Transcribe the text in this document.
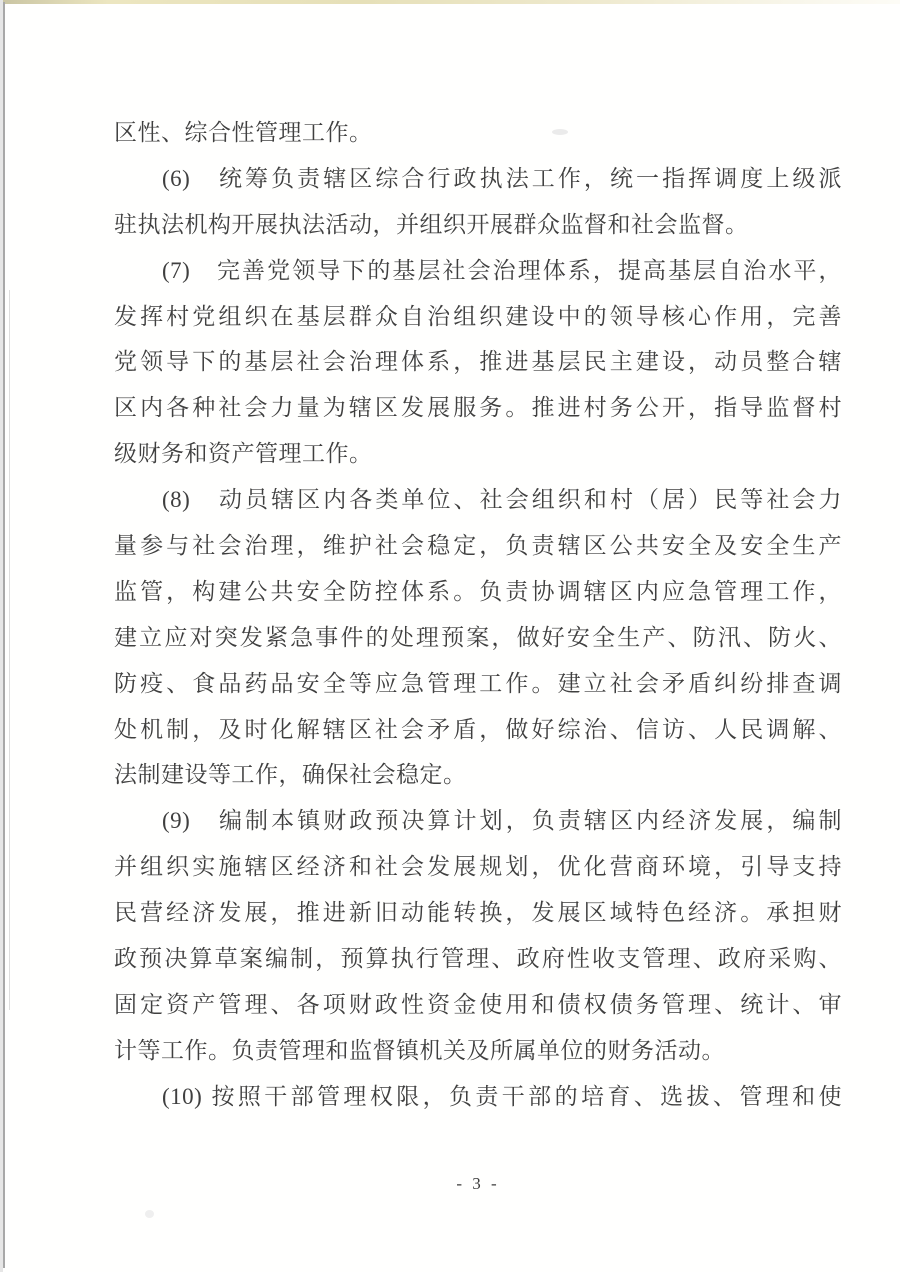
区性、综合性管理工作。

(6)　统筹负责辖区综合行政执法工作，统一指挥调度上级派

驻执法机构开展执法活动，并组织开展群众监督和社会监督。

(7)　完善党领导下的基层社会治理体系，提高基层自治水平，

发挥村党组织在基层群众自治组织建设中的领导核心作用，完善

党领导下的基层社会治理体系，推进基层民主建设，动员整合辖

区内各种社会力量为辖区发展服务。推进村务公开，指导监督村

级财务和资产管理工作。

(8)　动员辖区内各类单位、社会组织和村（居）民等社会力

量参与社会治理，维护社会稳定，负责辖区公共安全及安全生产

监管，构建公共安全防控体系。负责协调辖区内应急管理工作，

建立应对突发紧急事件的处理预案，做好安全生产、防汛、防火、

防疫、食品药品安全等应急管理工作。建立社会矛盾纠纷排查调

处机制，及时化解辖区社会矛盾，做好综治、信访、人民调解、

法制建设等工作，确保社会稳定。

(9)　编制本镇财政预决算计划，负责辖区内经济发展，编制

并组织实施辖区经济和社会发展规划，优化营商环境，引导支持

民营经济发展，推进新旧动能转换，发展区域特色经济。承担财

政预决算草案编制，预算执行管理、政府性收支管理、政府采购、

固定资产管理、各项财政性资金使用和债权债务管理、统计、审

计等工作。负责管理和监督镇机关及所属单位的财务活动。

(10) 按照干部管理权限，负责干部的培育、选拔、管理和使

- 3 -
